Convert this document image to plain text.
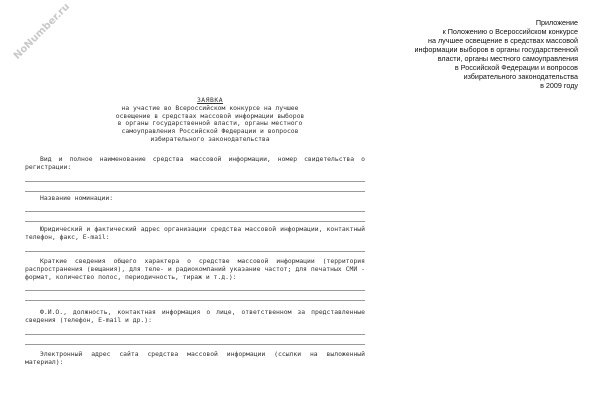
NoNumber.ru	Приложение
к Положению о Всероссийском конкурсе
на лучшее освещение в средствах массовой
информации выборов в органы государственной
власти, органы местного самоуправления
в Российской Федерации и вопросов
избирательного законодательства
в 2009 году
ЗАЯВКА
на участие во Всероссийском конкурсе на лучшее
освещение в средствах массовой информации выборов
в органы государственной власти, органы местного
самоуправления Российской Федерации и вопросов
избирательного законодательства
Вид и полное наименование средства массовой информации, номер свидетельства о регистрации:
Название номинации:
Юридический и фактический адрес организации средства массовой информации, контактный телефон, факс, E-mail:
Краткие сведения общего характера о средстве массовой информации (территория распространения (вещания), для теле- и радиокомпаний указание частот; для печатных СМИ - формат, количество полос, периодичность, тираж и т.д.):
Ф.И.О., должность, контактная информация о лице, ответственном за представленные сведения (телефон, E-mail и др.):
Электронный адрес сайта средства массовой информации (ссылки на выложенный материал):
